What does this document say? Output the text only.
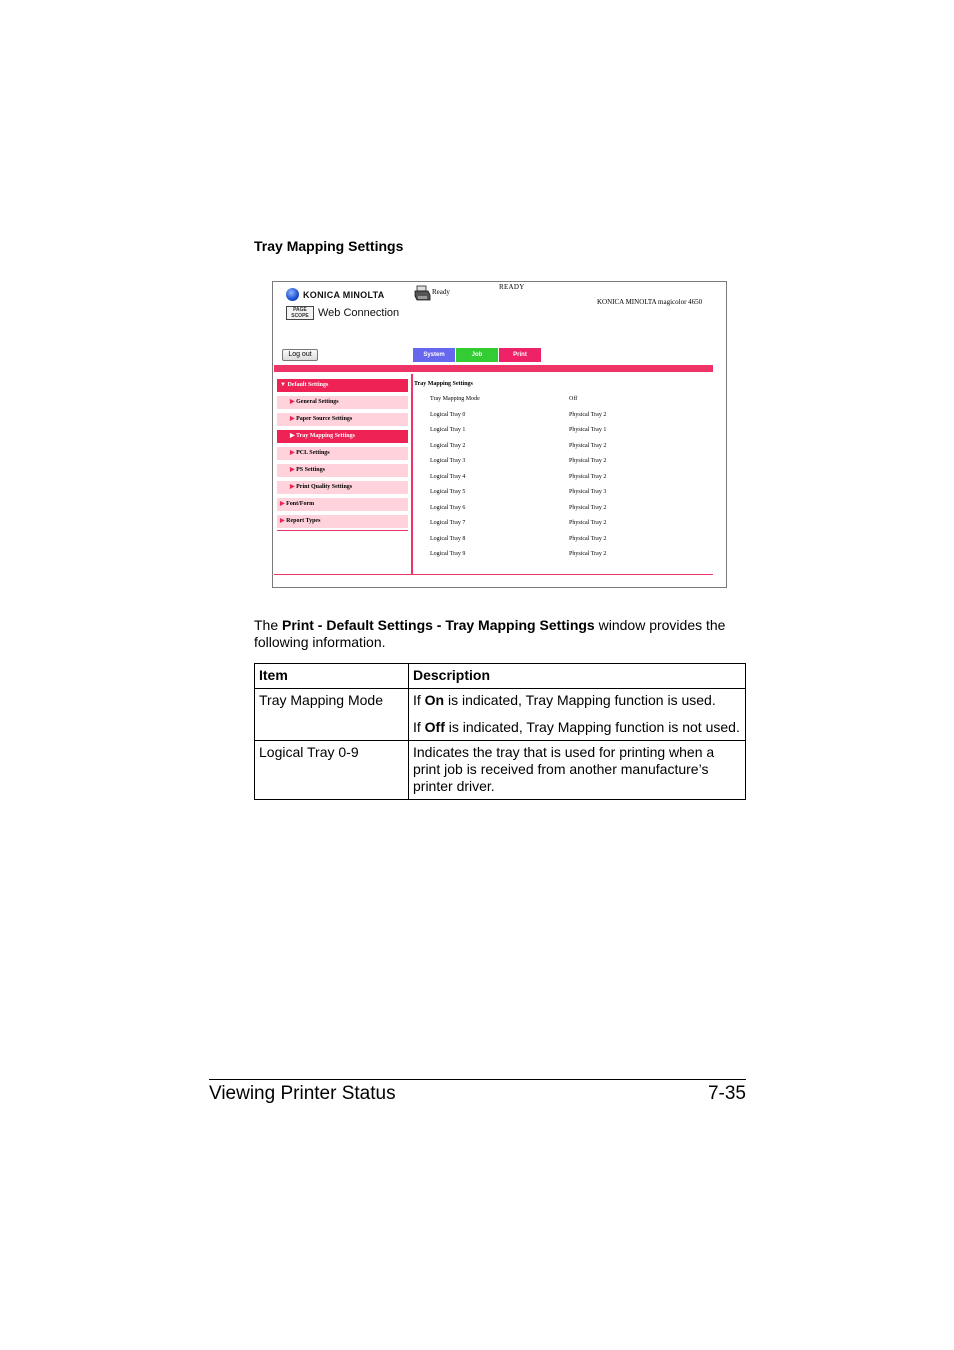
Tray Mapping Settings
KONICA MINOLTA
PAGE SCOPE Web Connection
Ready
READY
KONICA MINOLTA magicolor 4650
Log out	System	Job	Print
▼ Default Settings
▶ General Settings
▶ Paper Source Settings
▶ Tray Mapping Settings
▶ PCL Settings
▶ PS Settings
▶ Print Quality Settings
▶ Font/Form
▶ Report Types
Tray Mapping Settings
Tray Mapping Mode	Off
Logical Tray 0	Physical Tray 2
Logical Tray 1	Physical Tray 1
Logical Tray 2	Physical Tray 2
Logical Tray 3	Physical Tray 2
Logical Tray 4	Physical Tray 2
Logical Tray 5	Physical Tray 3
Logical Tray 6	Physical Tray 2
Logical Tray 7	Physical Tray 2
Logical Tray 8	Physical Tray 2
Logical Tray 9	Physical Tray 2
The Print - Default Settings - Tray Mapping Settings window provides the following information.
Item	Description
Tray Mapping Mode	If On is indicated, Tray Mapping function is used.

If Off is indicated, Tray Mapping function is not used.

Logical Tray 0-9	Indicates the tray that is used for printing when a print job is received from another manufacture’s printer driver.
Viewing Printer Status	7-35
